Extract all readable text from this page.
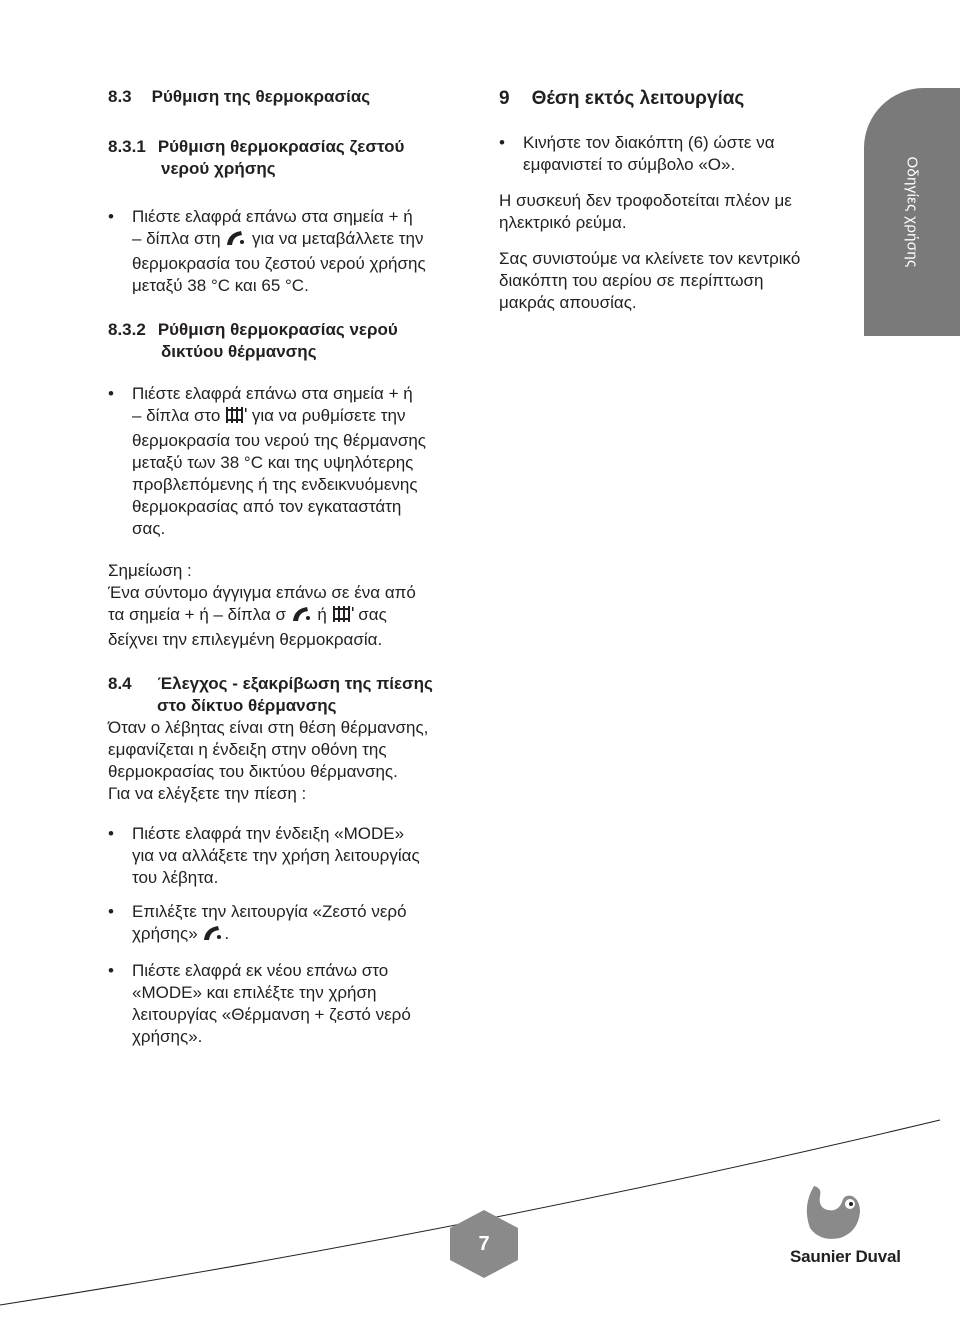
Οδηγίες χρήσης
8.3 Ρύθμιση της θερμοκρασίας
8.3.1 Ρύθμιση θερμοκρασίας ζεστού
νερού χρήσης
• Πιέστε ελαφρά επάνω στα σημεία + ή
– δίπλα στη  για να μεταβάλλετε την
θερμοκρασία του ζεστού νερού χρήσης
μεταξύ 38 °C και 65 °C.
8.3.2 Ρύθμιση θερμοκρασίας νερού
δικτύου θέρμανσης
• Πιέστε ελαφρά επάνω στα σημεία + ή
– δίπλα στο  για να ρυθμίσετε την
θερμοκρασία του νερού της θέρμανσης
μεταξύ των 38 °C και της υψηλότερης
προβλεπόμενης ή της ενδεικνυόμενης
θερμοκρασίας από τον εγκαταστάτη
σας.
Σημείωση :
Ένα σύντομο άγγιγμα επάνω σε ένα από
τα σημεία + ή – δίπλα σ  ή  σας
δείχνει την επιλεγμένη θερμοκρασία.
8.4 Έλεγχος - εξακρίβωση της πίεσης
στο δίκτυο θέρμανσης
Όταν ο λέβητας είναι στη θέση θέρμανσης,
εμφανίζεται η ένδειξη στην οθόνη της
θερμοκρασίας του δικτύου θέρμανσης.
Για να ελέγξετε την πίεση :
• Πιέστε ελαφρά την ένδειξη «MODE»
για να αλλάξετε την χρήση λειτουργίας
του λέβητα.
• Επιλέξτε την λειτουργία «Ζεστό νερό
χρήσης» .
• Πιέστε ελαφρά εκ νέου επάνω στο
«MODE» και επιλέξτε την χρήση
λειτουργίας «Θέρμανση + ζεστό νερό
χρήσης».
9 Θέση εκτός λειτουργίας
• Κινήστε τον διακόπτη (6) ώστε να
εμφανιστεί το σύμβολο «O».
Η συσκευή δεν τροφοδοτείται πλέον με
ηλεκτρικό ρεύμα.
Σας συνιστούμε να κλείνετε τον κεντρικό
διακόπτη του αερίου σε περίπτωση
μακράς απουσίας.
7
Saunier Duval
